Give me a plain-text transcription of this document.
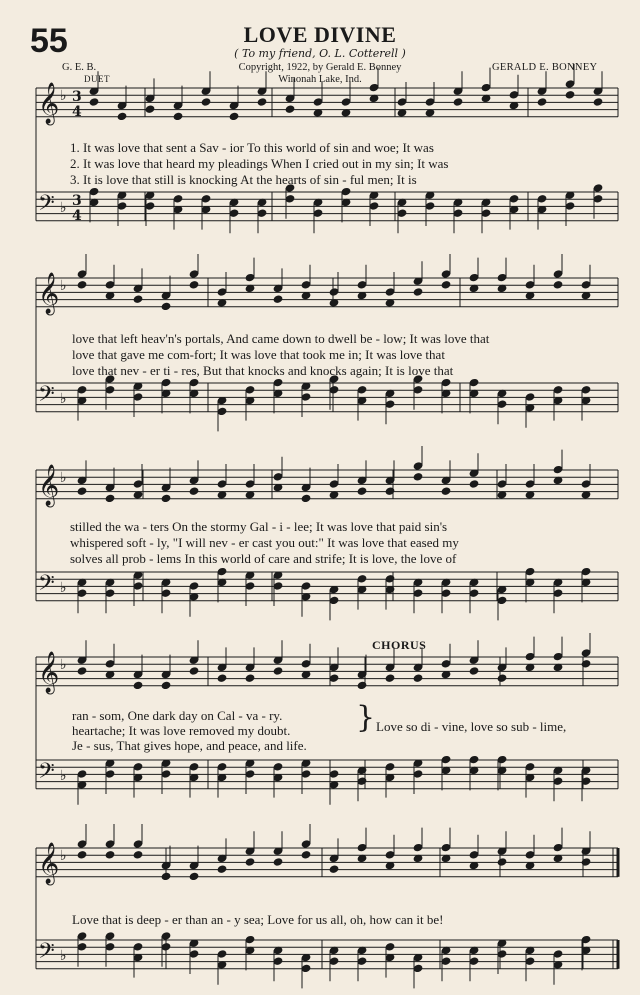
55	LOVE DIVINE
( To my friend, O. L. Cotterell )
G. E. B.	Copyright, 1922, by Gerald E. Bonney
Winonah Lake, Ind.
GERALD E. BONNEY
DUET
𝄞 ♭ 3
4
𝄢 ♭ 3
4
𝄞 ♭
𝄢 ♭
𝄞 ♭
𝄢 ♭
𝄞 ♭
𝄢 ♭
𝄞 ♭
𝄢 ♭
1. It was love that sent a Sav - ior To this world of sin and woe; It was
2. It was love that heard my pleadings When I cried out in my sin; It was
3. It is love that still is knocking At the hearts of sin - ful men; It is
love that left heav'n's portals, And came down to dwell be - low; It was love that
love that gave me com-fort; It was love that took me in; It was love that
love that nev - er ti - res, But that knocks and knocks again; It is love that
stilled the wa - ters On the stormy Gal - i - lee; It was love that paid sin's
whispered soft - ly, "I will nev - er cast you out:" It was love that eased my
solves all prob - lems In this world of care and strife; It is love, the love of
CHORUS
ran - som, One dark day on Cal - va - ry.
heartache; It was love removed my doubt.
Je - sus, That gives hope, and peace, and life.
} Love so di - vine, love so sub - lime,
Love that is deep - er than an - y sea; Love for us all, oh, how can it be!
